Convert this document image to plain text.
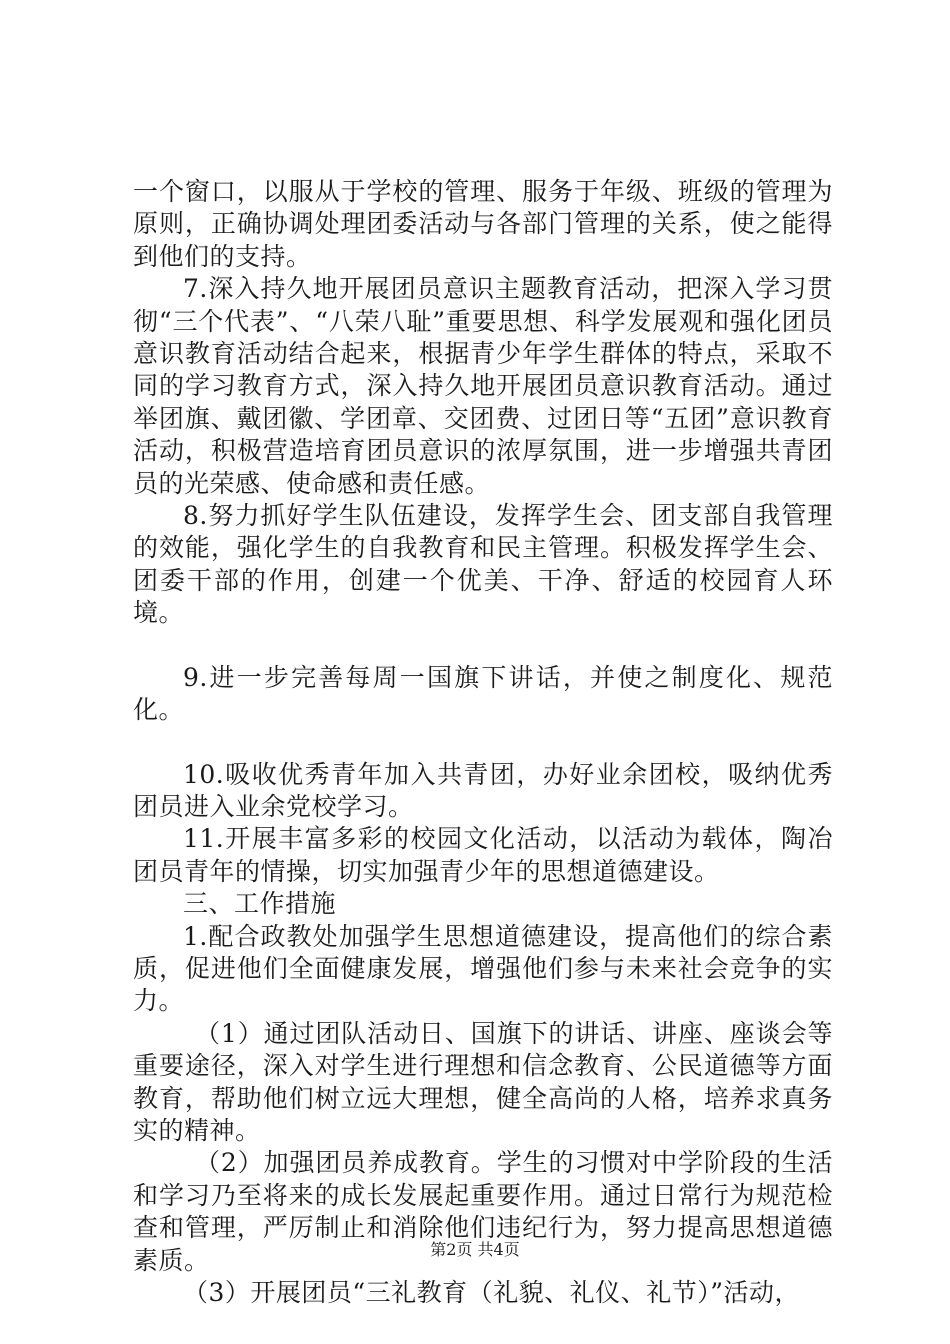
一个窗口，以服从于学校的管理、服务于年级、班级的管理为原则，正确协调处理团委活动与各部门管理的关系，使之能得到他们的支持。

7.深入持久地开展团员意识主题教育活动，把深入学习贯彻“三个代表”、“八荣八耻”重要思想、科学发展观和强化团员意识教育活动结合起来，根据青少年学生群体的特点，采取不同的学习教育方式，深入持久地开展团员意识教育活动。通过举团旗、戴团徽、学团章、交团费、过团日等“五团”意识教育活动，积极营造培育团员意识的浓厚氛围，进一步增强共青团员的光荣感、使命感和责任感。

8.努力抓好学生队伍建设，发挥学生会、团支部自我管理的效能，强化学生的自我教育和民主管理。积极发挥学生会、团委干部的作用，创建一个优美、干净、舒适的校园育人环境。

9.进一步完善每周一国旗下讲话，并使之制度化、规范化。

10.吸收优秀青年加入共青团，办好业余团校，吸纳优秀团员进入业余党校学习。

11.开展丰富多彩的校园文化活动，以活动为载体，陶冶团员青年的情操，切实加强青少年的思想道德建设。

三、工作措施

1.配合政教处加强学生思想道德建设，提高他们的综合素质，促进他们全面健康发展，增强他们参与未来社会竞争的实力。

（1）通过团队活动日、国旗下的讲话、讲座、座谈会等重要途径，深入对学生进行理想和信念教育、公民道德等方面教育，帮助他们树立远大理想，健全高尚的人格，培养求真务实的精神。

（2）加强团员养成教育。学生的习惯对中学阶段的生活和学习乃至将来的成长发展起重要作用。通过日常行为规范检查和管理，严厉制止和消除他们违纪行为，努力提高思想道德素质。

（3）开展团员“三礼教育（礼貌、礼仪、礼节）”活动，

第2页 共4页
